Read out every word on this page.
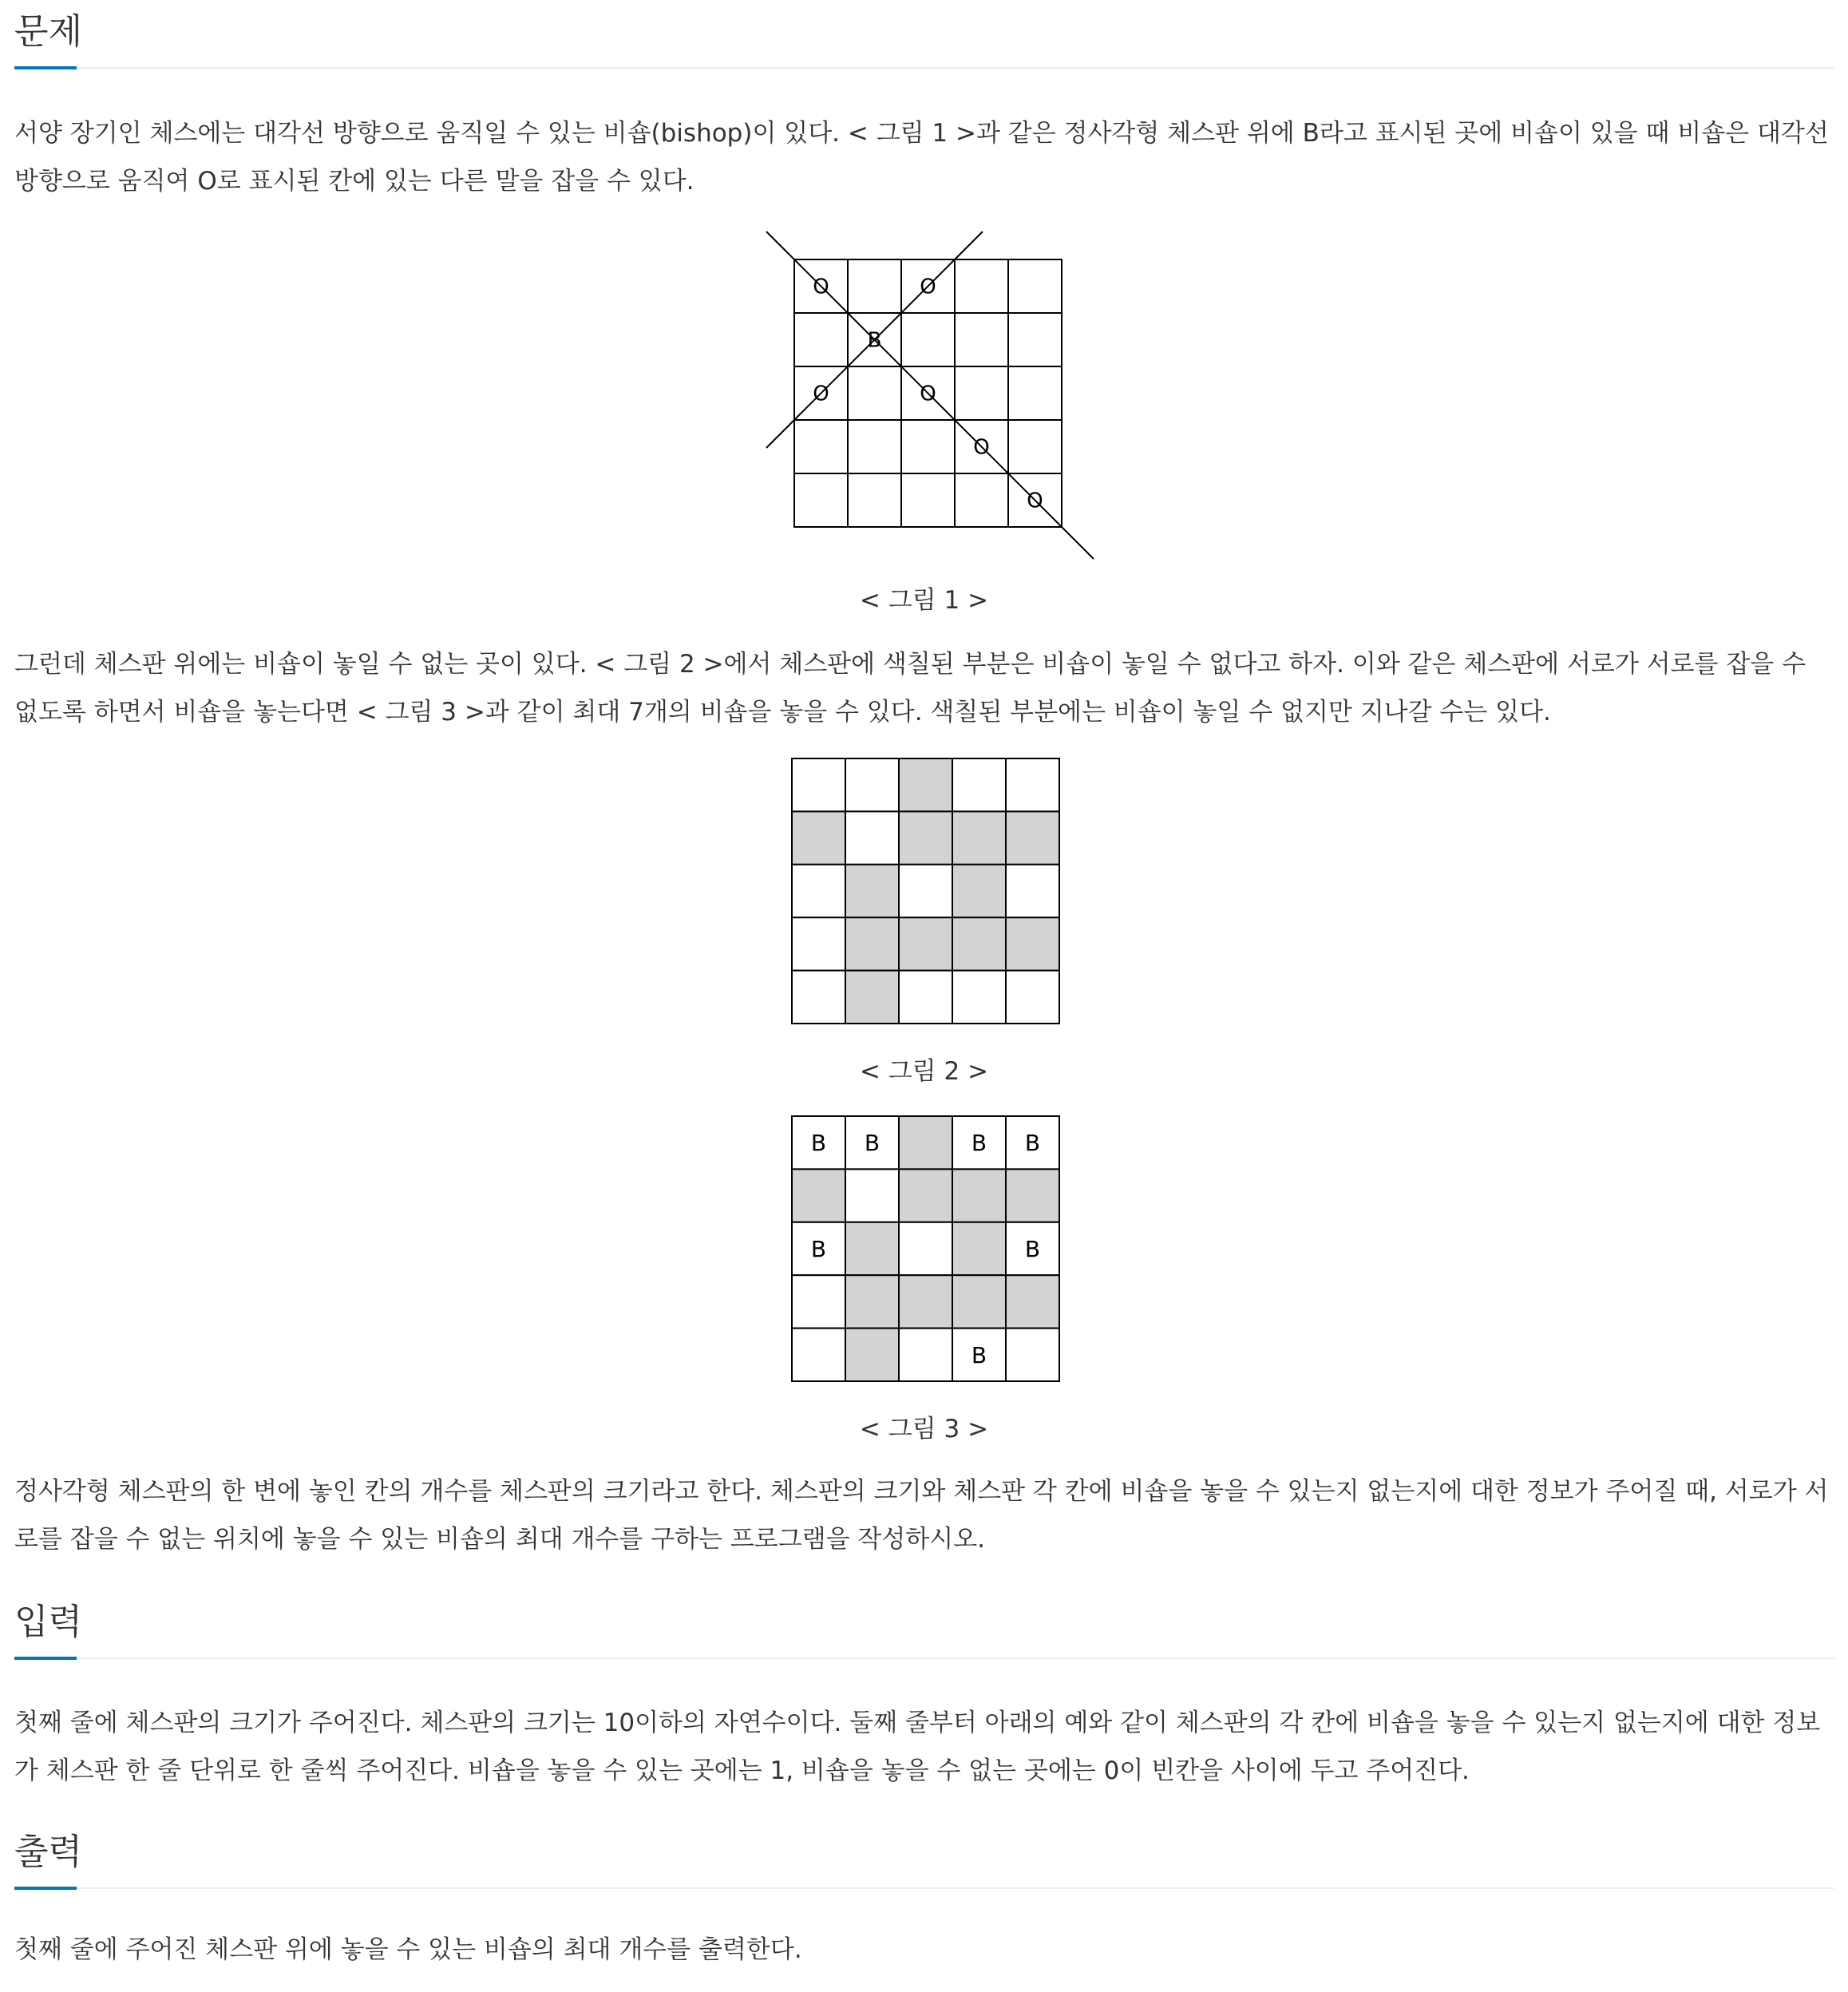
문제

서양 장기인 체스에는 대각선 방향으로 움직일 수 있는 비숍(bishop)이 있다. < 그림 1 >과 같은 정사각형 체스판 위에 B라고 표시된 곳에 비숍이 있을 때 비숍은 대각선 방향으로 움직여 O로 표시된 칸에 있는 다른 말을 잡을 수 있다.

B
O	O
O	O
O
O

< 그림 1 >

그런데 체스판 위에는 비숍이 놓일 수 없는 곳이 있다. < 그림 2 >에서 체스판에 색칠된 부분은 비숍이 놓일 수 없다고 하자. 이와 같은 체스판에 서로가 서로를 잡을 수 없도록 하면서 비숍을 놓는다면 < 그림 3 >과 같이 최대 7개의 비숍을 놓을 수 있다. 색칠된 부분에는 비숍이 놓일 수 없지만 지나갈 수는 있다.

< 그림 2 >

B B	B B
B	B
B

< 그림 3 >

정사각형 체스판의 한 변에 놓인 칸의 개수를 체스판의 크기라고 한다. 체스판의 크기와 체스판 각 칸에 비숍을 놓을 수 있는지 없는지에 대한 정보가 주어질 때, 서로가 서로를 잡을 수 없는 위치에 놓을 수 있는 비숍의 최대 개수를 구하는 프로그램을 작성하시오.

입력

첫째 줄에 체스판의 크기가 주어진다. 체스판의 크기는 10이하의 자연수이다. 둘째 줄부터 아래의 예와 같이 체스판의 각 칸에 비숍을 놓을 수 있는지 없는지에 대한 정보가 체스판 한 줄 단위로 한 줄씩 주어진다. 비숍을 놓을 수 있는 곳에는 1, 비숍을 놓을 수 없는 곳에는 0이 빈칸을 사이에 두고 주어진다.

출력

첫째 줄에 주어진 체스판 위에 놓을 수 있는 비숍의 최대 개수를 출력한다.
